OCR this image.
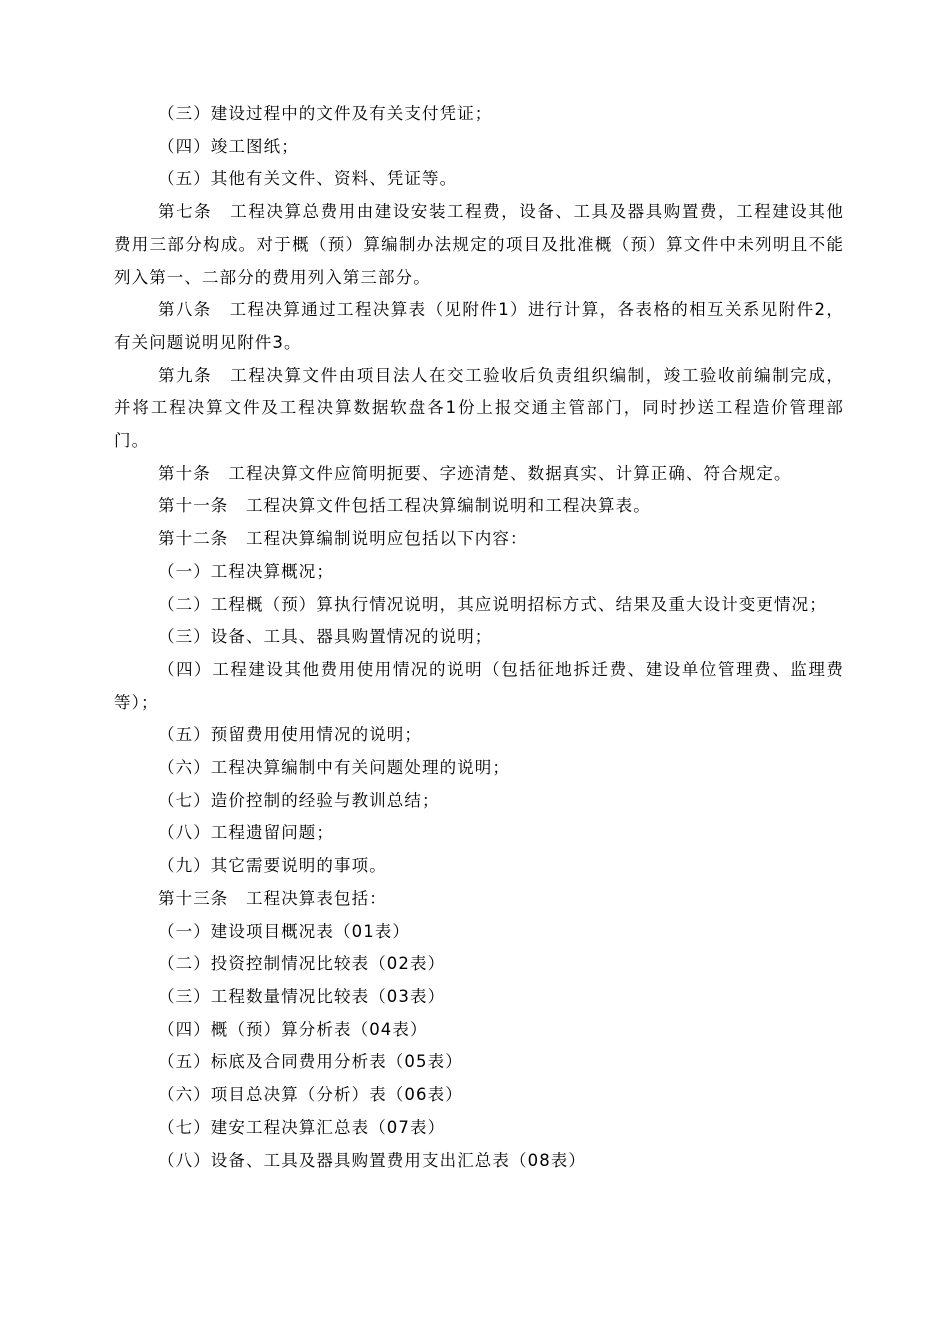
（三）建设过程中的文件及有关支付凭证；

（四）竣工图纸；

（五）其他有关文件、资料、凭证等。

第七条　工程决算总费用由建设安装工程费，设备、工具及器具购置费，工程建设其他费用三部分构成。对于概（预）算编制办法规定的项目及批准概（预）算文件中未列明且不能列入第一、二部分的费用列入第三部分。

第八条　工程决算通过工程决算表（见附件1）进行计算，各表格的相互关系见附件2，有关问题说明见附件3。

第九条　工程决算文件由项目法人在交工验收后负责组织编制，竣工验收前编制完成，并将工程决算文件及工程决算数据软盘各1份上报交通主管部门，同时抄送工程造价管理部门。

第十条　工程决算文件应简明扼要、字迹清楚、数据真实、计算正确、符合规定。

第十一条　工程决算文件包括工程决算编制说明和工程决算表。

第十二条　工程决算编制说明应包括以下内容：

（一）工程决算概况；

（二）工程概（预）算执行情况说明，其应说明招标方式、结果及重大设计变更情况；

（三）设备、工具、器具购置情况的说明；

（四）工程建设其他费用使用情况的说明（包括征地拆迁费、建设单位管理费、监理费等）；

（五）预留费用使用情况的说明；

（六）工程决算编制中有关问题处理的说明；

（七）造价控制的经验与教训总结；

（八）工程遗留问题；

（九）其它需要说明的事项。

第十三条　工程决算表包括：

（一）建设项目概况表（01表）

（二）投资控制情况比较表（02表）

（三）工程数量情况比较表（03表）

（四）概（预）算分析表（04表）

（五）标底及合同费用分析表（05表）

（六）项目总决算（分析）表（06表）

（七）建安工程决算汇总表（07表）

（八）设备、工具及器具购置费用支出汇总表（08表）
